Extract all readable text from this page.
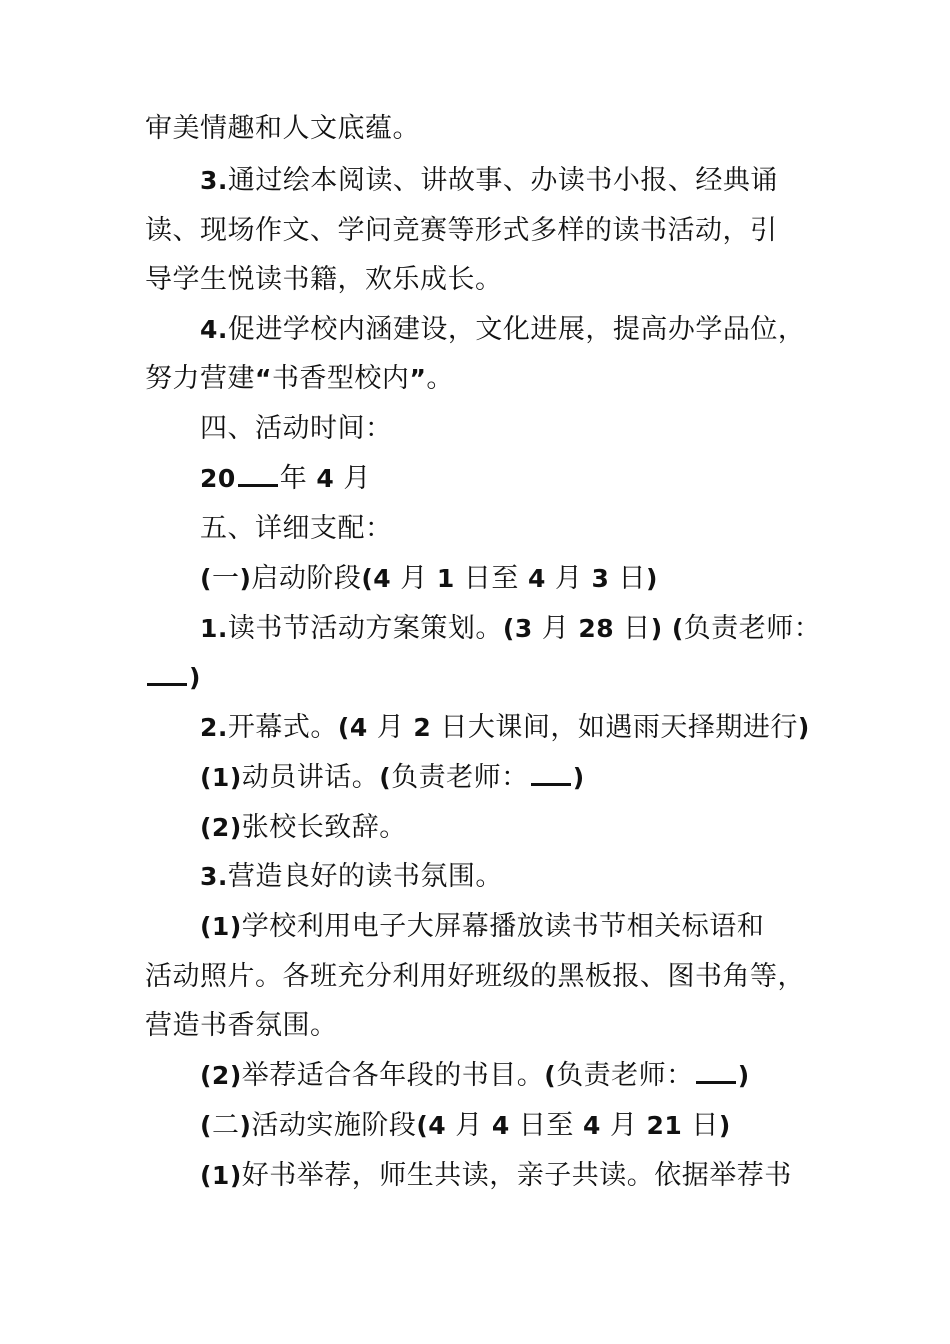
审美情趣和人文底蕴。
3.通过绘本阅读、讲故事、办读书小报、经典诵
读、现场作文、学问竞赛等形式多样的读书活动，引
导学生悦读书籍，欢乐成长。
4.促进学校内涵建设，文化进展，提高办学品位，
努力营建“书香型校内”。
四、活动时间：
20 年 4 月
五、详细支配：
(一)启动阶段(4 月 1 日至 4 月 3 日)
1.读书节活动方案策划。(3 月 28 日) (负责老师：
)
2.开幕式。(4 月 2 日大课间，如遇雨天择期进行)
(1)动员讲话。(负责老师： )
(2)张校长致辞。
3.营造良好的读书氛围。
(1)学校利用电子大屏幕播放读书节相关标语和
活动照片。各班充分利用好班级的黑板报、图书角等，
营造书香氛围。
(2)举荐适合各年段的书目。(负责老师： )
(二)活动实施阶段(4 月 4 日至 4 月 21 日)
(1)好书举荐，师生共读，亲子共读。依据举荐书
